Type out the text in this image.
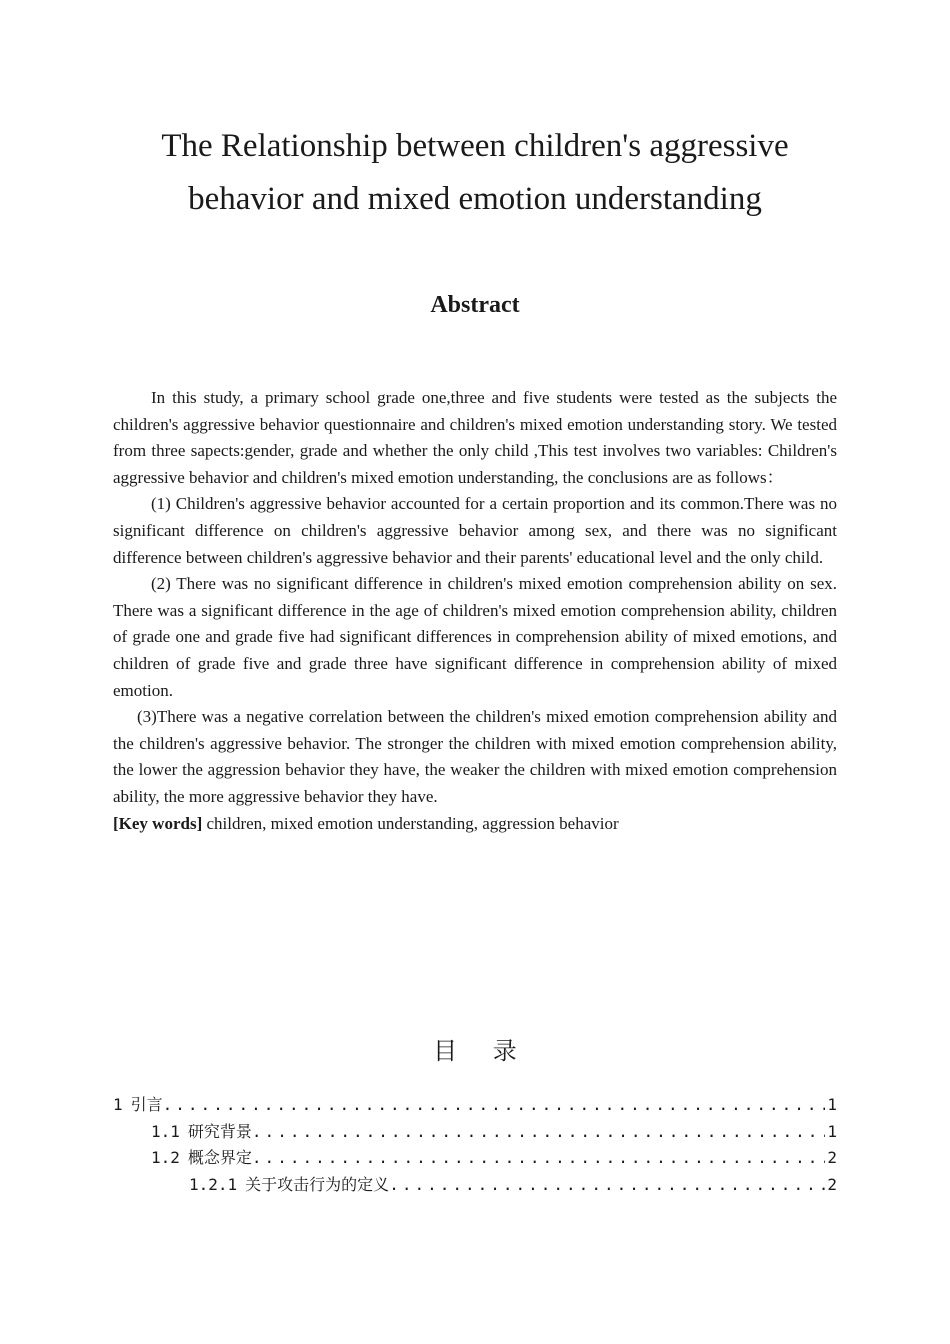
The Relationship between children's aggressive
behavior and mixed emotion understanding
Abstract

In this study, a primary school grade one,three and five students were tested as the subjects the children's aggressive behavior questionnaire and children's mixed emotion understanding story. We tested from three sapects:gender, grade and whether the only child ,This test involves two variables: Children's aggressive behavior and children's mixed emotion understanding, the conclusions are as follows：

(1) Children's aggressive behavior accounted for a certain proportion and its common.There was no significant difference on children's aggressive behavior among sex, and there was no significant difference between children's aggressive behavior and their parents' educational level and the only child.

(2) There was no significant difference in children's mixed emotion comprehension ability on sex. There was a significant difference in the age of children's mixed emotion comprehension ability, children of grade one and grade five had significant differences in comprehension ability of mixed emotions, and children of grade five and grade three have significant difference in comprehension ability of mixed emotion.

(3)There was a negative correlation between the children's mixed emotion comprehension ability and the children's aggressive behavior. The stronger the children with mixed emotion comprehension ability, the lower the aggression behavior they have, the weaker the children with mixed emotion comprehension ability, the more aggressive behavior they have.

[Key words] children, mixed emotion understanding, aggression behavior

目 录
1 引言 .....	1
1.1 研究背景 .....	1
1.2 概念界定 .....	2
1.2.1 关于攻击行为的定义 .....	2
